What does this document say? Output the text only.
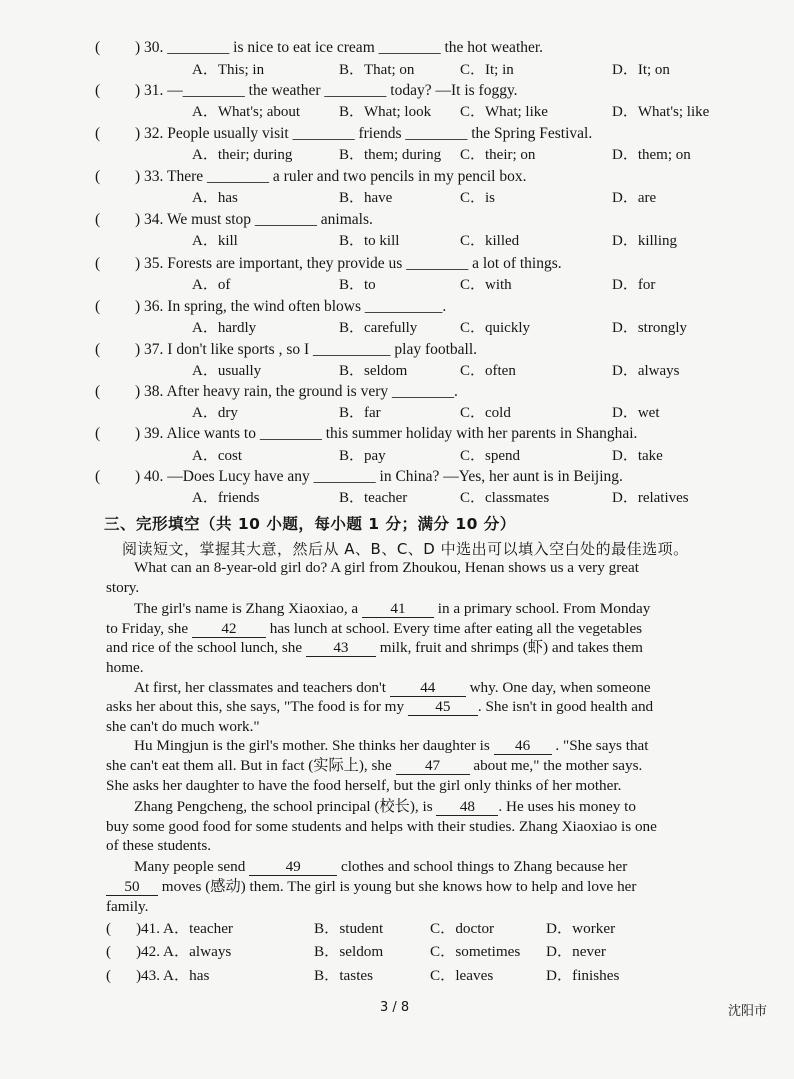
( ) 30. ________ is nice to eat ice cream ________ the hot weather.
A．This; in	B．That; on	C．It; in	D．It; on
( ) 31. —________ the weather ________ today? —It is foggy.
A．What's; about	B．What; look C．What; like	D．What's; like
( ) 32. People usually visit ________ friends ________ the Spring Festival.
A．their; during	B．them; during C．their; on	D．them; on
( ) 33. There ________ a ruler and two pencils in my pencil box.
A．has	B．have	C．is	D．are
( ) 34. We must stop ________ animals.
A．kill	B．to kill	C．killed	D．killing
( ) 35. Forests are important, they provide us ________ a lot of things.
A．of	B．to	C．with	D．for
( ) 36. In spring, the wind often blows __________.
A．hardly	B．carefully	C．quickly	D．strongly
( ) 37. I don't like sports , so I __________ play football.
A．usually	B．seldom	C．often	D．always
( ) 38. After heavy rain, the ground is very ________.
A．dry	B．far	C．cold	D．wet
( ) 39. Alice wants to ________ this summer holiday with her parents in Shanghai.
A．cost	B．pay	C．spend	D．take
( ) 40. —Does Lucy have any ________ in China? —Yes, her aunt is in Beijing.
A．friends	B．teacher	C．classmates	D．relatives
三、完形填空（共 10 小题，每小题 1 分；满分 10 分）
阅读短文，掌握其大意，然后从 A、B、C、D 中选出可以填入空白处的最佳选项。
What can an 8-year-old girl do? A girl from Zhoukou, Henan shows us a very great
story.
The girl's name is Zhang Xiaoxiao, a 41 in a primary school. From Monday
to Friday, she 42 has lunch at school. Every time after eating all the vegetables
and rice of the school lunch, she 43 milk, fruit and shrimps (虾) and takes them
home.
At first, her classmates and teachers don't 44 why. One day, when someone
asks her about this, she says, "The food is for my 45 . She isn't in good health and
she can't do much work."
Hu Mingjun is the girl's mother. She thinks her daughter is 46 . "She says that
she can't eat them all. But in fact (实际上), she 47 about me," the mother says.
She asks her daughter to have the food herself, but the girl only thinks of her mother.
Zhang Pengcheng, the school principal (校长), is 48 . He uses his money to
buy some good food for some students and helps with their studies. Zhang Xiaoxiao is one
of these students.
Many people send 49 clothes and school things to Zhang because her
50 moves (感动) them. The girl is young but she knows how to help and love her
family.
( )41. A．teacher	B．student	C．doctor	D．worker
( )42. A．always	B．seldom	C．sometimes D．never
( )43. A．has	B．tastes	C．leaves	D．finishes
3 / 8	沈阳市
